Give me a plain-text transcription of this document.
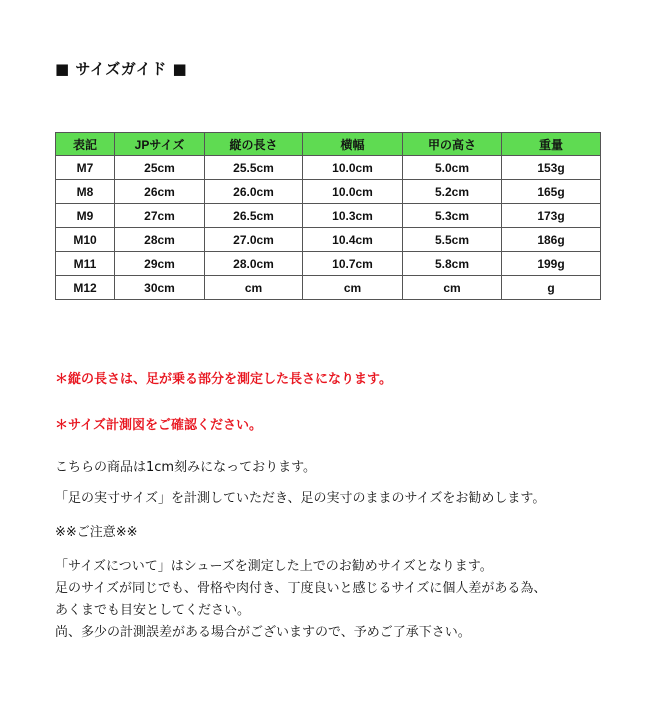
■ サイズガイド ■
表記	JPサイズ	縦の長さ	横幅	甲の高さ	重量
M7	25cm	25.5cm	10.0cm	5.0cm	153g
M8	26cm	26.0cm	10.0cm	5.2cm	165g
M9	27cm	26.5cm	10.3cm	5.3cm	173g
M10	28cm	27.0cm	10.4cm	5.5cm	186g
M11	29cm	28.0cm	10.7cm	5.8cm	199g
M12	30cm	cm	cm	cm	g
＊縦の長さは、足が乗る部分を測定した長さになります。
＊サイズ計測図をご確認ください。
こちらの商品は1cm刻みになっております。
「足の実寸サイズ」を計測していただき、足の実寸のままのサイズをお勧めします。
※※ご注意※※
「サイズについて」はシューズを測定した上でのお勧めサイズとなります。
足のサイズが同じでも、骨格や肉付き、丁度良いと感じるサイズに個人差がある為、
あくまでも目安としてください。
尚、多少の計測誤差がある場合がございますので、予めご了承下さい。
